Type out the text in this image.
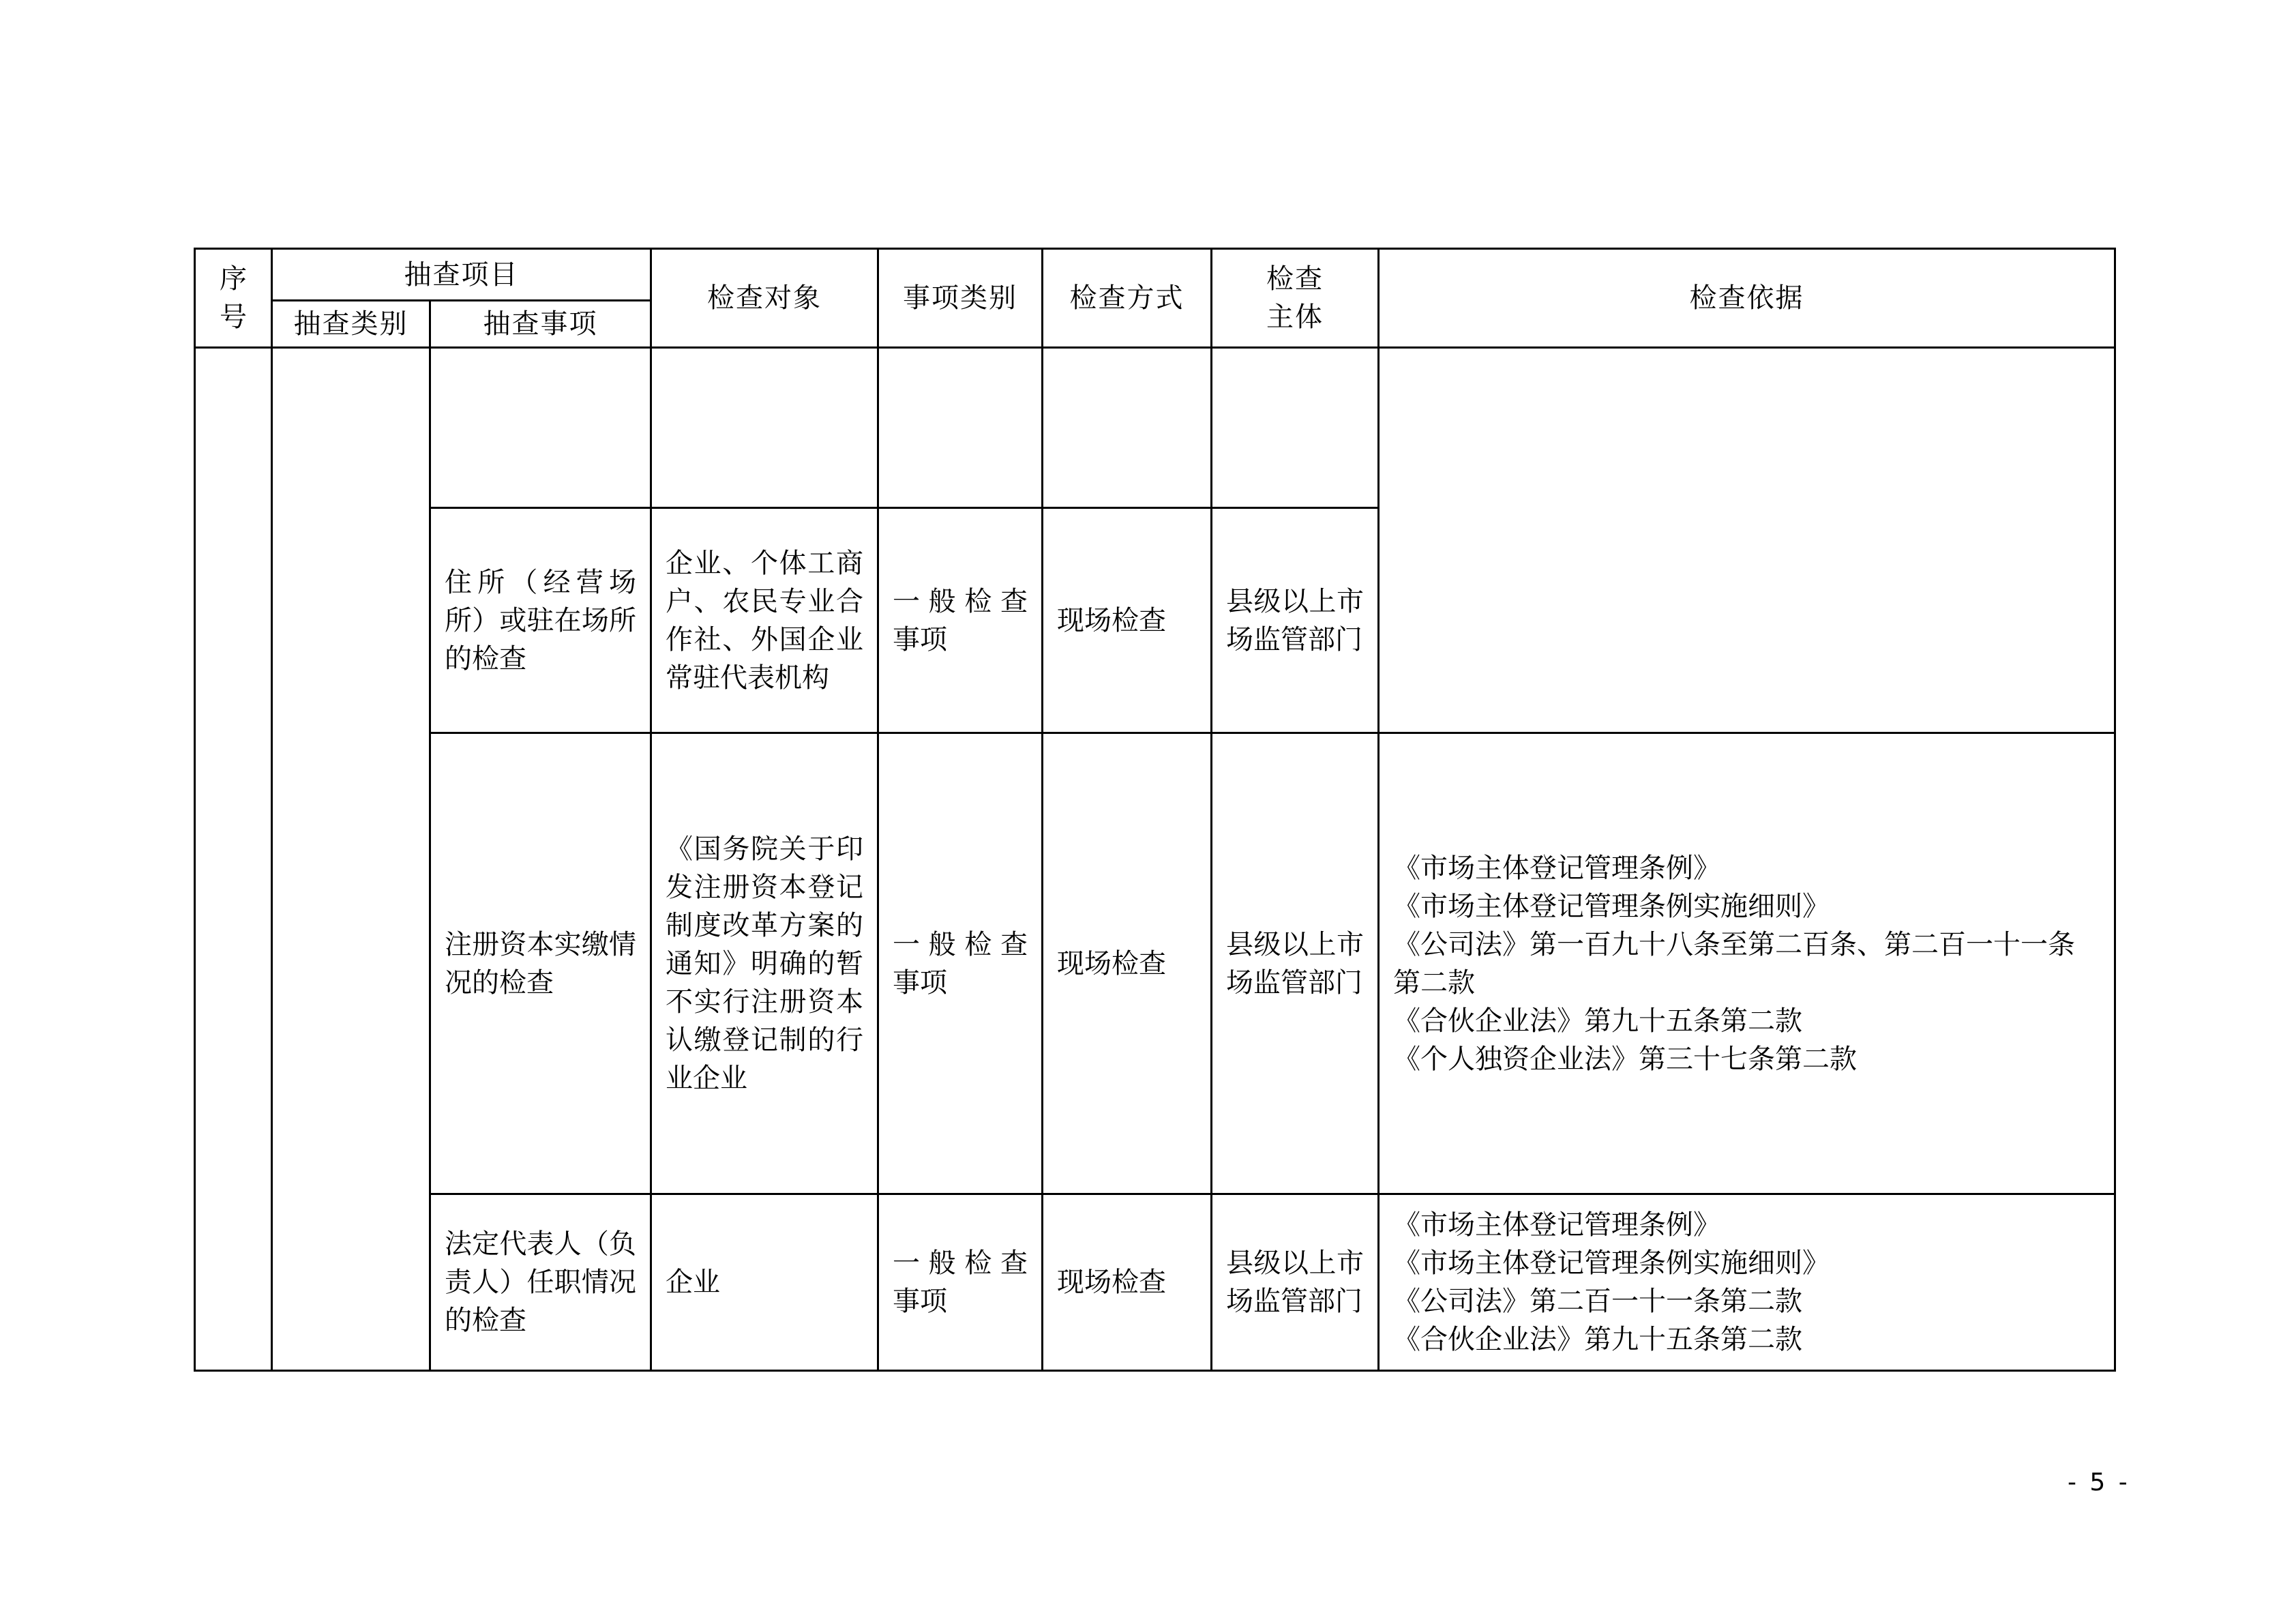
序号	抽查项目		检查对象	事项类别	检查方式	检查主体	检查依据
	抽查类别	抽查事项					

		住所（经营场所）或驻在场所的检查	企业、个体工商户、农民专业合作社、外国企业常驻代表机构	一般检查事项	现场检查	县级以上市场监管部门	
		注册资本实缴情况的检查	《国务院关于印发注册资本登记制度改革方案的通知》明确的暂不实行注册资本认缴登记制的行业企业	一般检查事项	现场检查	县级以上市场监管部门	《市场主体登记管理条例》
《市场主体登记管理条例实施细则》
《公司法》第一百九十八条至第二百条、第二百一十一条第二款
《合伙企业法》第九十五条第二款
《个人独资企业法》第三十七条第二款

		法定代表人（负责人）任职情况的检查	企业	一般检查事项	现场检查	县级以上市场监管部门	《市场主体登记管理条例》
《市场主体登记管理条例实施细则》
《公司法》第二百一十一条第二款
《合伙企业法》第九十五条第二款
- 5 -
